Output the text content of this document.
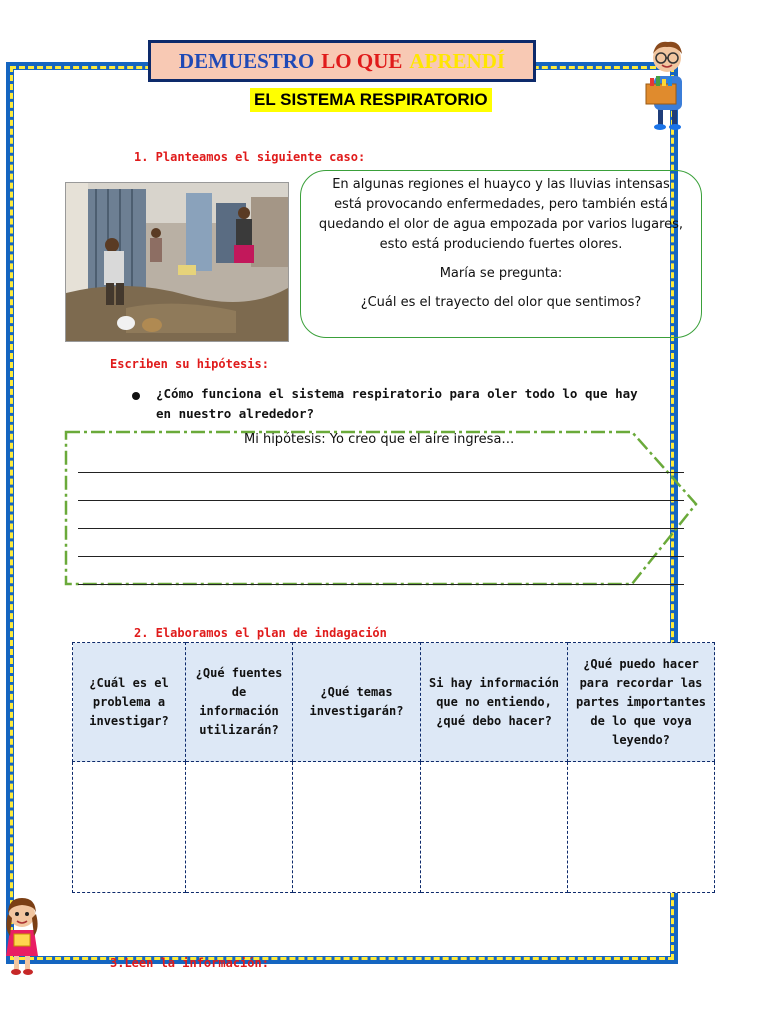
DEMUESTRO LO QUE APRENDÍ
EL SISTEMA RESPIRATORIO
1. Planteamos el siguiente caso:

En algunas regiones el huayco y las lluvias intensas

está provocando enfermedades, pero también está

quedando el olor de agua empozada por varios lugares,

esto está produciendo fuertes olores.

María se pregunta:

¿Cuál es el trayecto del olor que sentimos?

Escriben su hipótesis:
¿Cómo funciona el sistema respiratorio para oler todo lo que hay en nuestro alrededor?
Mi hipótesis: Yo creo que el aire ingresa…
2. Elaboramos el plan de indagación
¿Cuál es el problema a investigar?	¿Qué fuentes de información utilizarán?	¿Qué temas investigarán?	Si hay información que no entiendo, ¿qué debo hacer?	¿Qué puedo hacer para recordar las partes importantes de lo que voya leyendo?

3.Leen la información:
